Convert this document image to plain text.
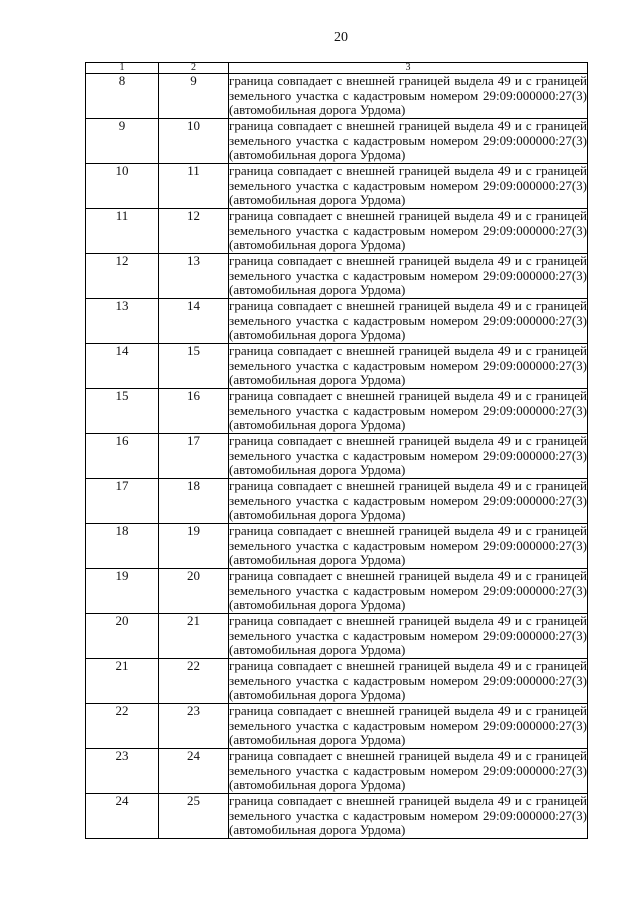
20
1	2	3
8	9	граница совпадает с внешней границей выдела 49 и с границей
земельного участка с кадастровым номером 29:09:000000:27(3)
(автомобильная дорога Урдома)

9	10	граница совпадает с внешней границей выдела 49 и с границей
земельного участка с кадастровым номером 29:09:000000:27(3)
(автомобильная дорога Урдома)

10	11	граница совпадает с внешней границей выдела 49 и с границей
земельного участка с кадастровым номером 29:09:000000:27(3)
(автомобильная дорога Урдома)

11	12	граница совпадает с внешней границей выдела 49 и с границей
земельного участка с кадастровым номером 29:09:000000:27(3)
(автомобильная дорога Урдома)

12	13	граница совпадает с внешней границей выдела 49 и с границей
земельного участка с кадастровым номером 29:09:000000:27(3)
(автомобильная дорога Урдома)

13	14	граница совпадает с внешней границей выдела 49 и с границей
земельного участка с кадастровым номером 29:09:000000:27(3)
(автомобильная дорога Урдома)

14	15	граница совпадает с внешней границей выдела 49 и с границей
земельного участка с кадастровым номером 29:09:000000:27(3)
(автомобильная дорога Урдома)

15	16	граница совпадает с внешней границей выдела 49 и с границей
земельного участка с кадастровым номером 29:09:000000:27(3)
(автомобильная дорога Урдома)

16	17	граница совпадает с внешней границей выдела 49 и с границей
земельного участка с кадастровым номером 29:09:000000:27(3)
(автомобильная дорога Урдома)

17	18	граница совпадает с внешней границей выдела 49 и с границей
земельного участка с кадастровым номером 29:09:000000:27(3)
(автомобильная дорога Урдома)

18	19	граница совпадает с внешней границей выдела 49 и с границей
земельного участка с кадастровым номером 29:09:000000:27(3)
(автомобильная дорога Урдома)

19	20	граница совпадает с внешней границей выдела 49 и с границей
земельного участка с кадастровым номером 29:09:000000:27(3)
(автомобильная дорога Урдома)

20	21	граница совпадает с внешней границей выдела 49 и с границей
земельного участка с кадастровым номером 29:09:000000:27(3)
(автомобильная дорога Урдома)

21	22	граница совпадает с внешней границей выдела 49 и с границей
земельного участка с кадастровым номером 29:09:000000:27(3)
(автомобильная дорога Урдома)

22	23	граница совпадает с внешней границей выдела 49 и с границей
земельного участка с кадастровым номером 29:09:000000:27(3)
(автомобильная дорога Урдома)

23	24	граница совпадает с внешней границей выдела 49 и с границей
земельного участка с кадастровым номером 29:09:000000:27(3)
(автомобильная дорога Урдома)

24	25	граница совпадает с внешней границей выдела 49 и с границей
земельного участка с кадастровым номером 29:09:000000:27(3)
(автомобильная дорога Урдома)
